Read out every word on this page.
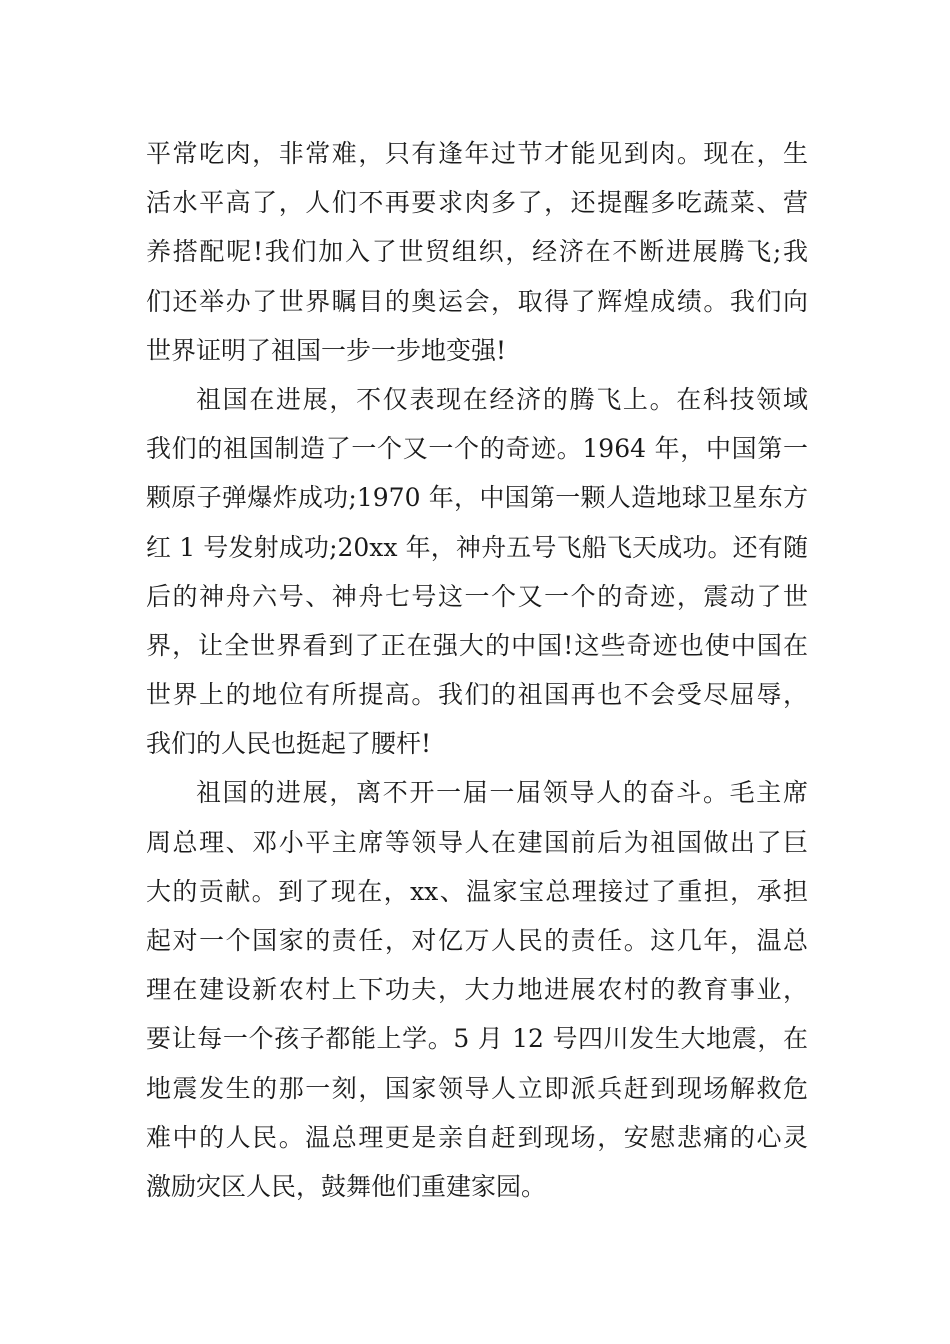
平常吃肉，非常难，只有逢年过节才能见到肉。现在，生
活水平高了，人们不再要求肉多了，还提醒多吃蔬菜、营
养搭配呢!我们加入了世贸组织，经济在不断进展腾飞;我
们还举办了世界瞩目的奥运会，取得了辉煌成绩。我们向
世界证明了祖国一步一步地变强!
祖国在进展，不仅表现在经济的腾飞上。在科技领域
我们的祖国制造了一个又一个的奇迹。1964 年，中国第一
颗原子弹爆炸成功;1970 年，中国第一颗人造地球卫星东方
红 1 号发射成功;20xx 年，神舟五号飞船飞天成功。还有随
后的神舟六号、神舟七号这一个又一个的奇迹，震动了世
界，让全世界看到了正在强大的中国!这些奇迹也使中国在
世界上的地位有所提高。我们的祖国再也不会受尽屈辱，
我们的人民也挺起了腰杆!
祖国的进展，离不开一届一届领导人的奋斗。毛主席
周总理、邓小平主席等领导人在建国前后为祖国做出了巨
大的贡献。到了现在，xx、温家宝总理接过了重担，承担
起对一个国家的责任，对亿万人民的责任。这几年，温总
理在建设新农村上下功夫，大力地进展农村的教育事业，
要让每一个孩子都能上学。5 月 12 号四川发生大地震，在
地震发生的那一刻，国家领导人立即派兵赶到现场解救危
难中的人民。温总理更是亲自赶到现场，安慰悲痛的心灵
激励灾区人民，鼓舞他们重建家园。
